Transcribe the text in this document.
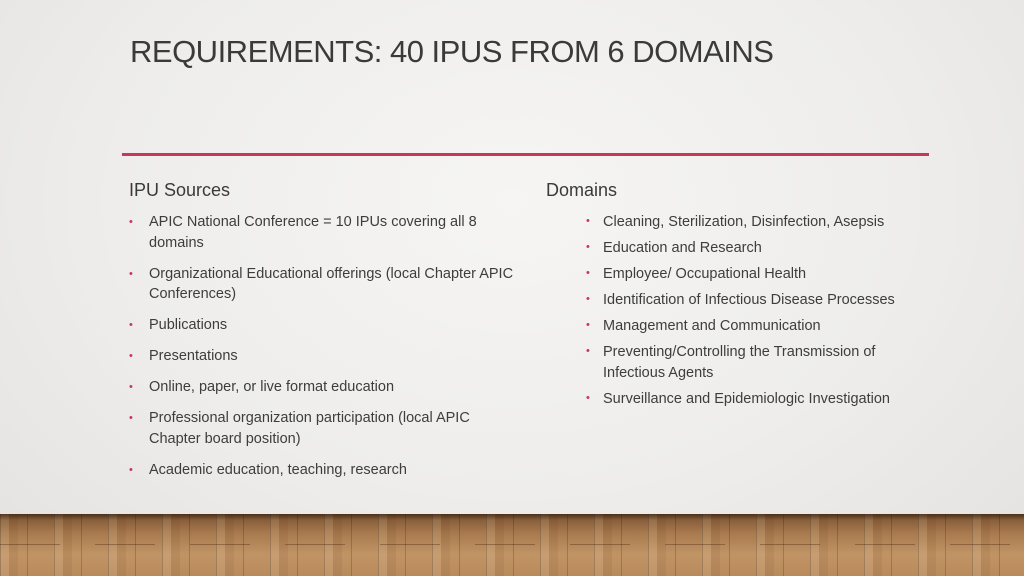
REQUIREMENTS: 40 IPUS FROM 6 DOMAINS
IPU Sources
• APIC National Conference = 10 IPUs covering all 8 domains
• Organizational Educational offerings (local Chapter APIC Conferences)
• Publications
• Presentations
• Online, paper, or live format education
• Professional organization participation (local APIC Chapter board position)
• Academic education, teaching, research
Domains
• Cleaning, Sterilization, Disinfection, Asepsis
• Education and Research
• Employee/ Occupational Health
• Identification of Infectious Disease Processes
• Management and Communication
• Preventing/Controlling the Transmission of Infectious Agents
• Surveillance and Epidemiologic Investigation
